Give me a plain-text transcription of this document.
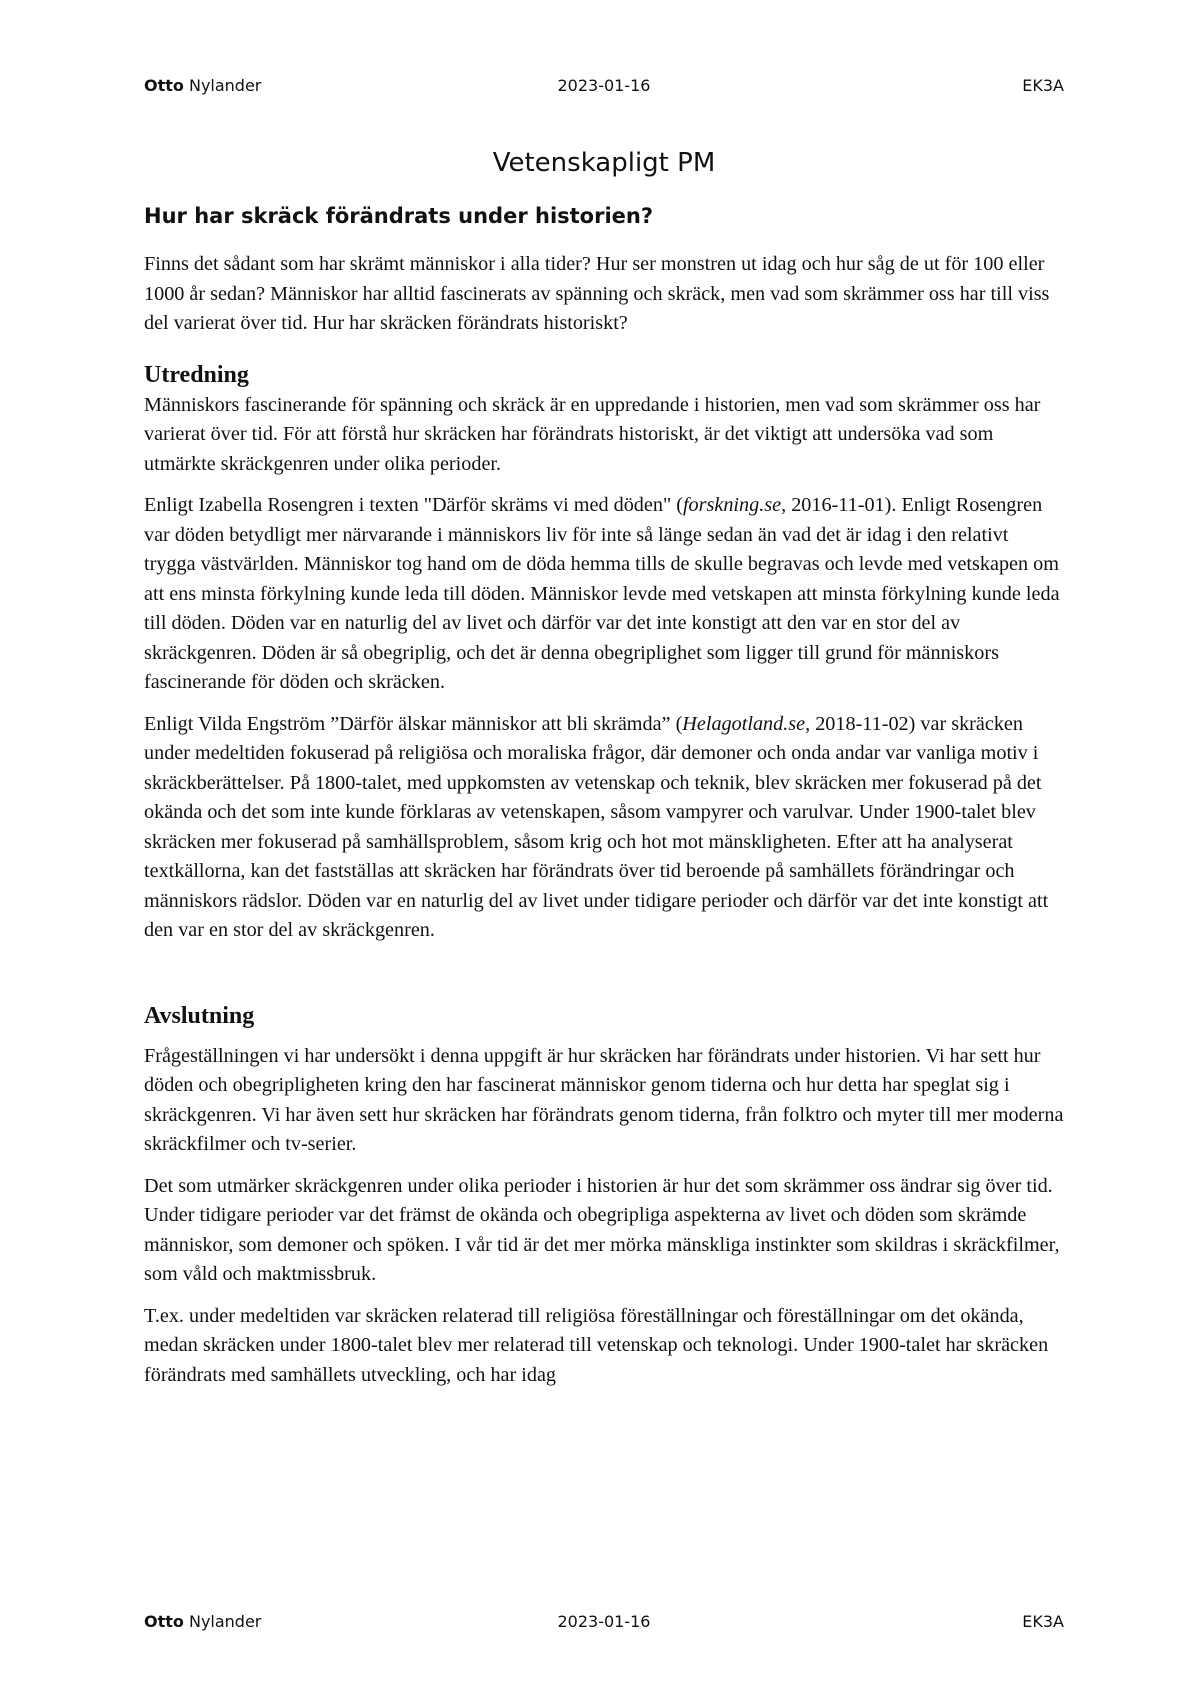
Otto Nylander	2023-01-16	EK3A
Vetenskapligt PM
Hur har skräck förändrats under historien?

Finns det sådant som har skrämt människor i alla tider? Hur ser monstren ut idag och hur såg de ut för 100 eller 1000 år sedan? Människor har alltid fascinerats av spänning och skräck, men vad som skrämmer oss har till viss del varierat över tid. Hur har skräcken förändrats historiskt?

Utredning

Människors fascinerande för spänning och skräck är en uppredande i historien, men vad som skrämmer oss har varierat över tid. För att förstå hur skräcken har förändrats historiskt, är det viktigt att undersöka vad som utmärkte skräckgenren under olika perioder.

Enligt Izabella Rosengren i texten "Därför skräms vi med döden" (forskning.se, 2016-11-01). Enligt Rosengren var döden betydligt mer närvarande i människors liv för inte så länge sedan än vad det är idag i den relativt trygga västvärlden. Människor tog hand om de döda hemma tills de skulle begravas och levde med vetskapen om att ens minsta förkylning kunde leda till döden. Människor levde med vetskapen att minsta förkylning kunde leda till döden. Döden var en naturlig del av livet och därför var det inte konstigt att den var en stor del av skräckgenren. Döden är så obegriplig, och det är denna obegriplighet som ligger till grund för människors fascinerande för döden och skräcken.

Enligt Vilda Engström ”Därför älskar människor att bli skrämda” (Helagotland.se, 2018-11-02) var skräcken under medeltiden fokuserad på religiösa och moraliska frågor, där demoner och onda andar var vanliga motiv i skräckberättelser. På 1800-talet, med uppkomsten av vetenskap och teknik, blev skräcken mer fokuserad på det okända och det som inte kunde förklaras av vetenskapen, såsom vampyrer och varulvar. Under 1900-talet blev skräcken mer fokuserad på samhällsproblem, såsom krig och hot mot mänskligheten. Efter att ha analyserat textkällorna, kan det fastställas att skräcken har förändrats över tid beroende på samhällets förändringar och människors rädslor. Döden var en naturlig del av livet under tidigare perioder och därför var det inte konstigt att den var en stor del av skräckgenren.

Avslutning

Frågeställningen vi har undersökt i denna uppgift är hur skräcken har förändrats under historien. Vi har sett hur döden och obegripligheten kring den har fascinerat människor genom tiderna och hur detta har speglat sig i skräckgenren. Vi har även sett hur skräcken har förändrats genom tiderna, från folktro och myter till mer moderna skräckfilmer och tv-serier.

Det som utmärker skräckgenren under olika perioder i historien är hur det som skrämmer oss ändrar sig över tid. Under tidigare perioder var det främst de okända och obegripliga aspekterna av livet och döden som skrämde människor, som demoner och spöken. I vår tid är det mer mörka mänskliga instinkter som skildras i skräckfilmer, som våld och maktmissbruk.

T.ex. under medeltiden var skräcken relaterad till religiösa föreställningar och föreställningar om det okända, medan skräcken under 1800-talet blev mer relaterad till vetenskap och teknologi. Under 1900-talet har skräcken förändrats med samhällets utveckling, och har idag

Otto Nylander	2023-01-16	EK3A
